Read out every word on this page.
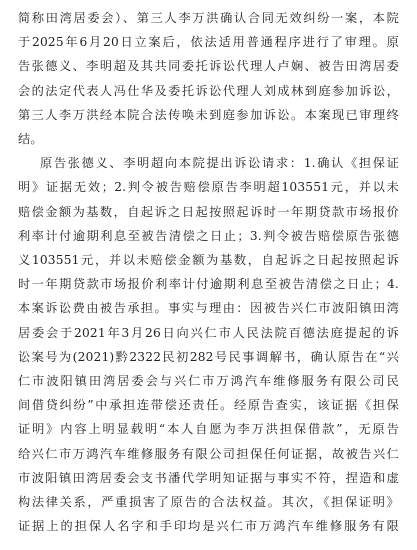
简称田湾居委会）、第三人李万洪确认合同无效纠纷一案，本院
于2025年6月20日立案后，依法适用普通程序进行了审理。原
告张德义、李明超及其共同委托诉讼代理人卢娴、被告田湾居委
会的法定代表人冯仕华及委托诉讼代理人刘成林到庭参加诉讼，
第三人李万洪经本院合法传唤未到庭参加诉讼。本案现已审理终
结。
原告张德义、李明超向本院提出诉讼请求：1.确认《担保证
明》证据无效；2.判令被告赔偿原告李明超103551元，并以未
赔偿金额为基数，自起诉之日起按照起诉时一年期贷款市场报价
利率计付逾期利息至被告清偿之日止；3.判令被告赔偿原告张德
义103551元，并以未赔偿金额为基数，自起诉之日起按照起诉
时一年期贷款市场报价利率计付逾期利息至被告清偿之日止；4.
本案诉讼费由被告承担。事实与理由：因被告兴仁市波阳镇田湾
居委会于2021年3月26日向兴仁市人民法院百德法庭提起的诉
讼案号为(2021)黔2322民初282号民事调解书，确认原告在“兴
仁市波阳镇田湾居委会与兴仁市万鸿汽车维修服务有限公司民
间借贷纠纷”中承担连带偿还责任。经原告查实，该证据《担保
证明》内容上明显载明“本人自愿为李万洪担保借款”，无原告
给兴仁市万鸿汽车维修服务有限公司担保任何证据，故被告兴仁
市波阳镇田湾居委会支书潘代学明知证据与事实不符，捏造和虚
构法律关系，严重损害了原告的合法权益。其次，《担保证明》
证据上的担保人名字和手印均是兴仁市万鸿汽车维修服务有限
